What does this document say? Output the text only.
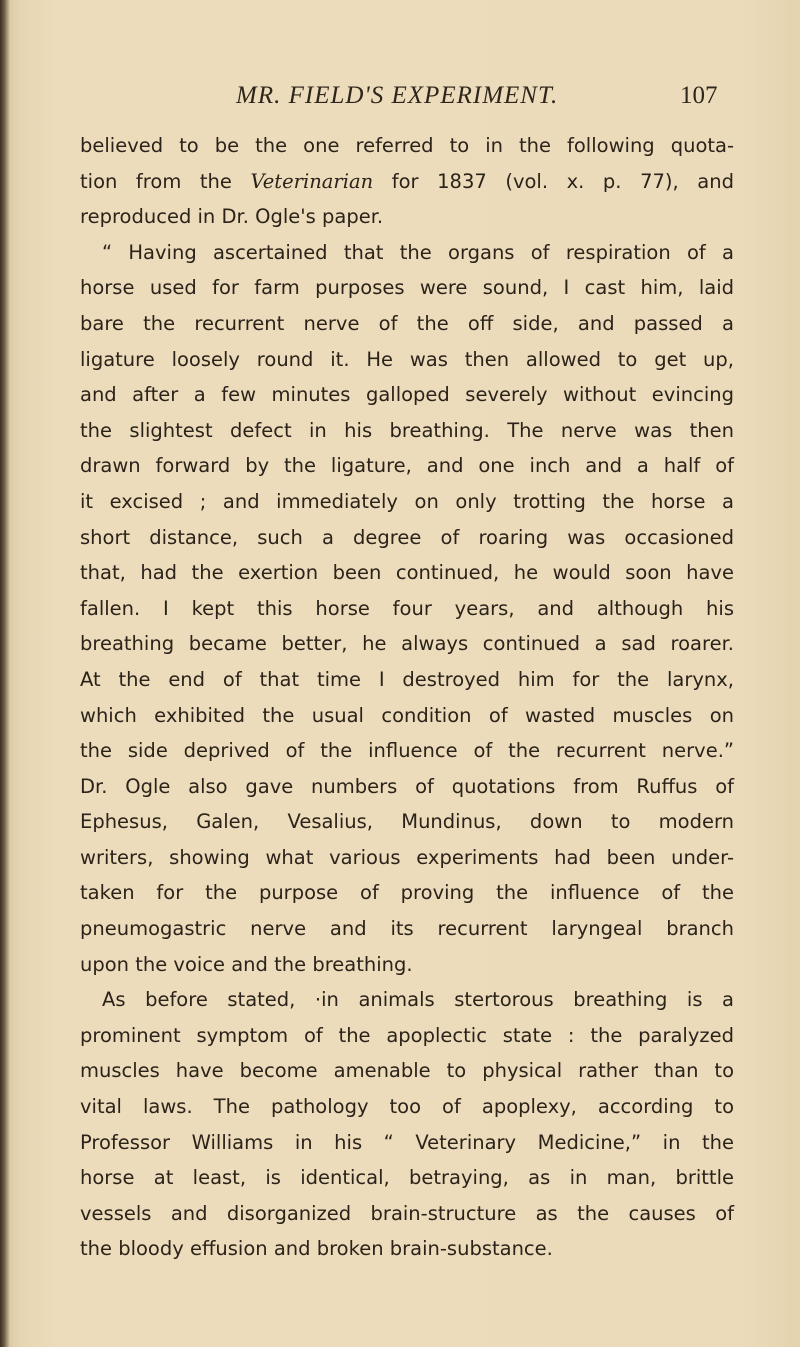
MR. FIELD'S EXPERIMENT.	107
believed to be the one referred to in the following quota-
tion from the Veterinarian for 1837 (vol. x. p. 77), and
reproduced in Dr. Ogle's paper.
“ Having ascertained that the organs of respiration of a
horse used for farm purposes were sound, I cast him, laid
bare the recurrent nerve of the off side, and passed a
ligature loosely round it. He was then allowed to get up,
and after a few minutes galloped severely without evincing
the slightest defect in his breathing. The nerve was then
drawn forward by the ligature, and one inch and a half of
it excised ; and immediately on only trotting the horse a
short distance, such a degree of roaring was occasioned
that, had the exertion been continued, he would soon have
fallen. I kept this horse four years, and although his
breathing became better, he always continued a sad roarer.
At the end of that time I destroyed him for the larynx,
which exhibited the usual condition of wasted muscles on
the side deprived of the influence of the recurrent nerve.”
Dr. Ogle also gave numbers of quotations from Ruffus of
Ephesus, Galen, Vesalius, Mundinus, down to modern
writers, showing what various experiments had been under-
taken for the purpose of proving the influence of the
pneumogastric nerve and its recurrent laryngeal branch
upon the voice and the breathing.
As before stated, ·in animals stertorous breathing is a
prominent symptom of the apoplectic state : the paralyzed
muscles have become amenable to physical rather than to
vital laws. The pathology too of apoplexy, according to
Professor Williams in his “ Veterinary Medicine,” in the
horse at least, is identical, betraying, as in man, brittle
vessels and disorganized brain-structure as the causes of
the bloody effusion and broken brain-substance.
